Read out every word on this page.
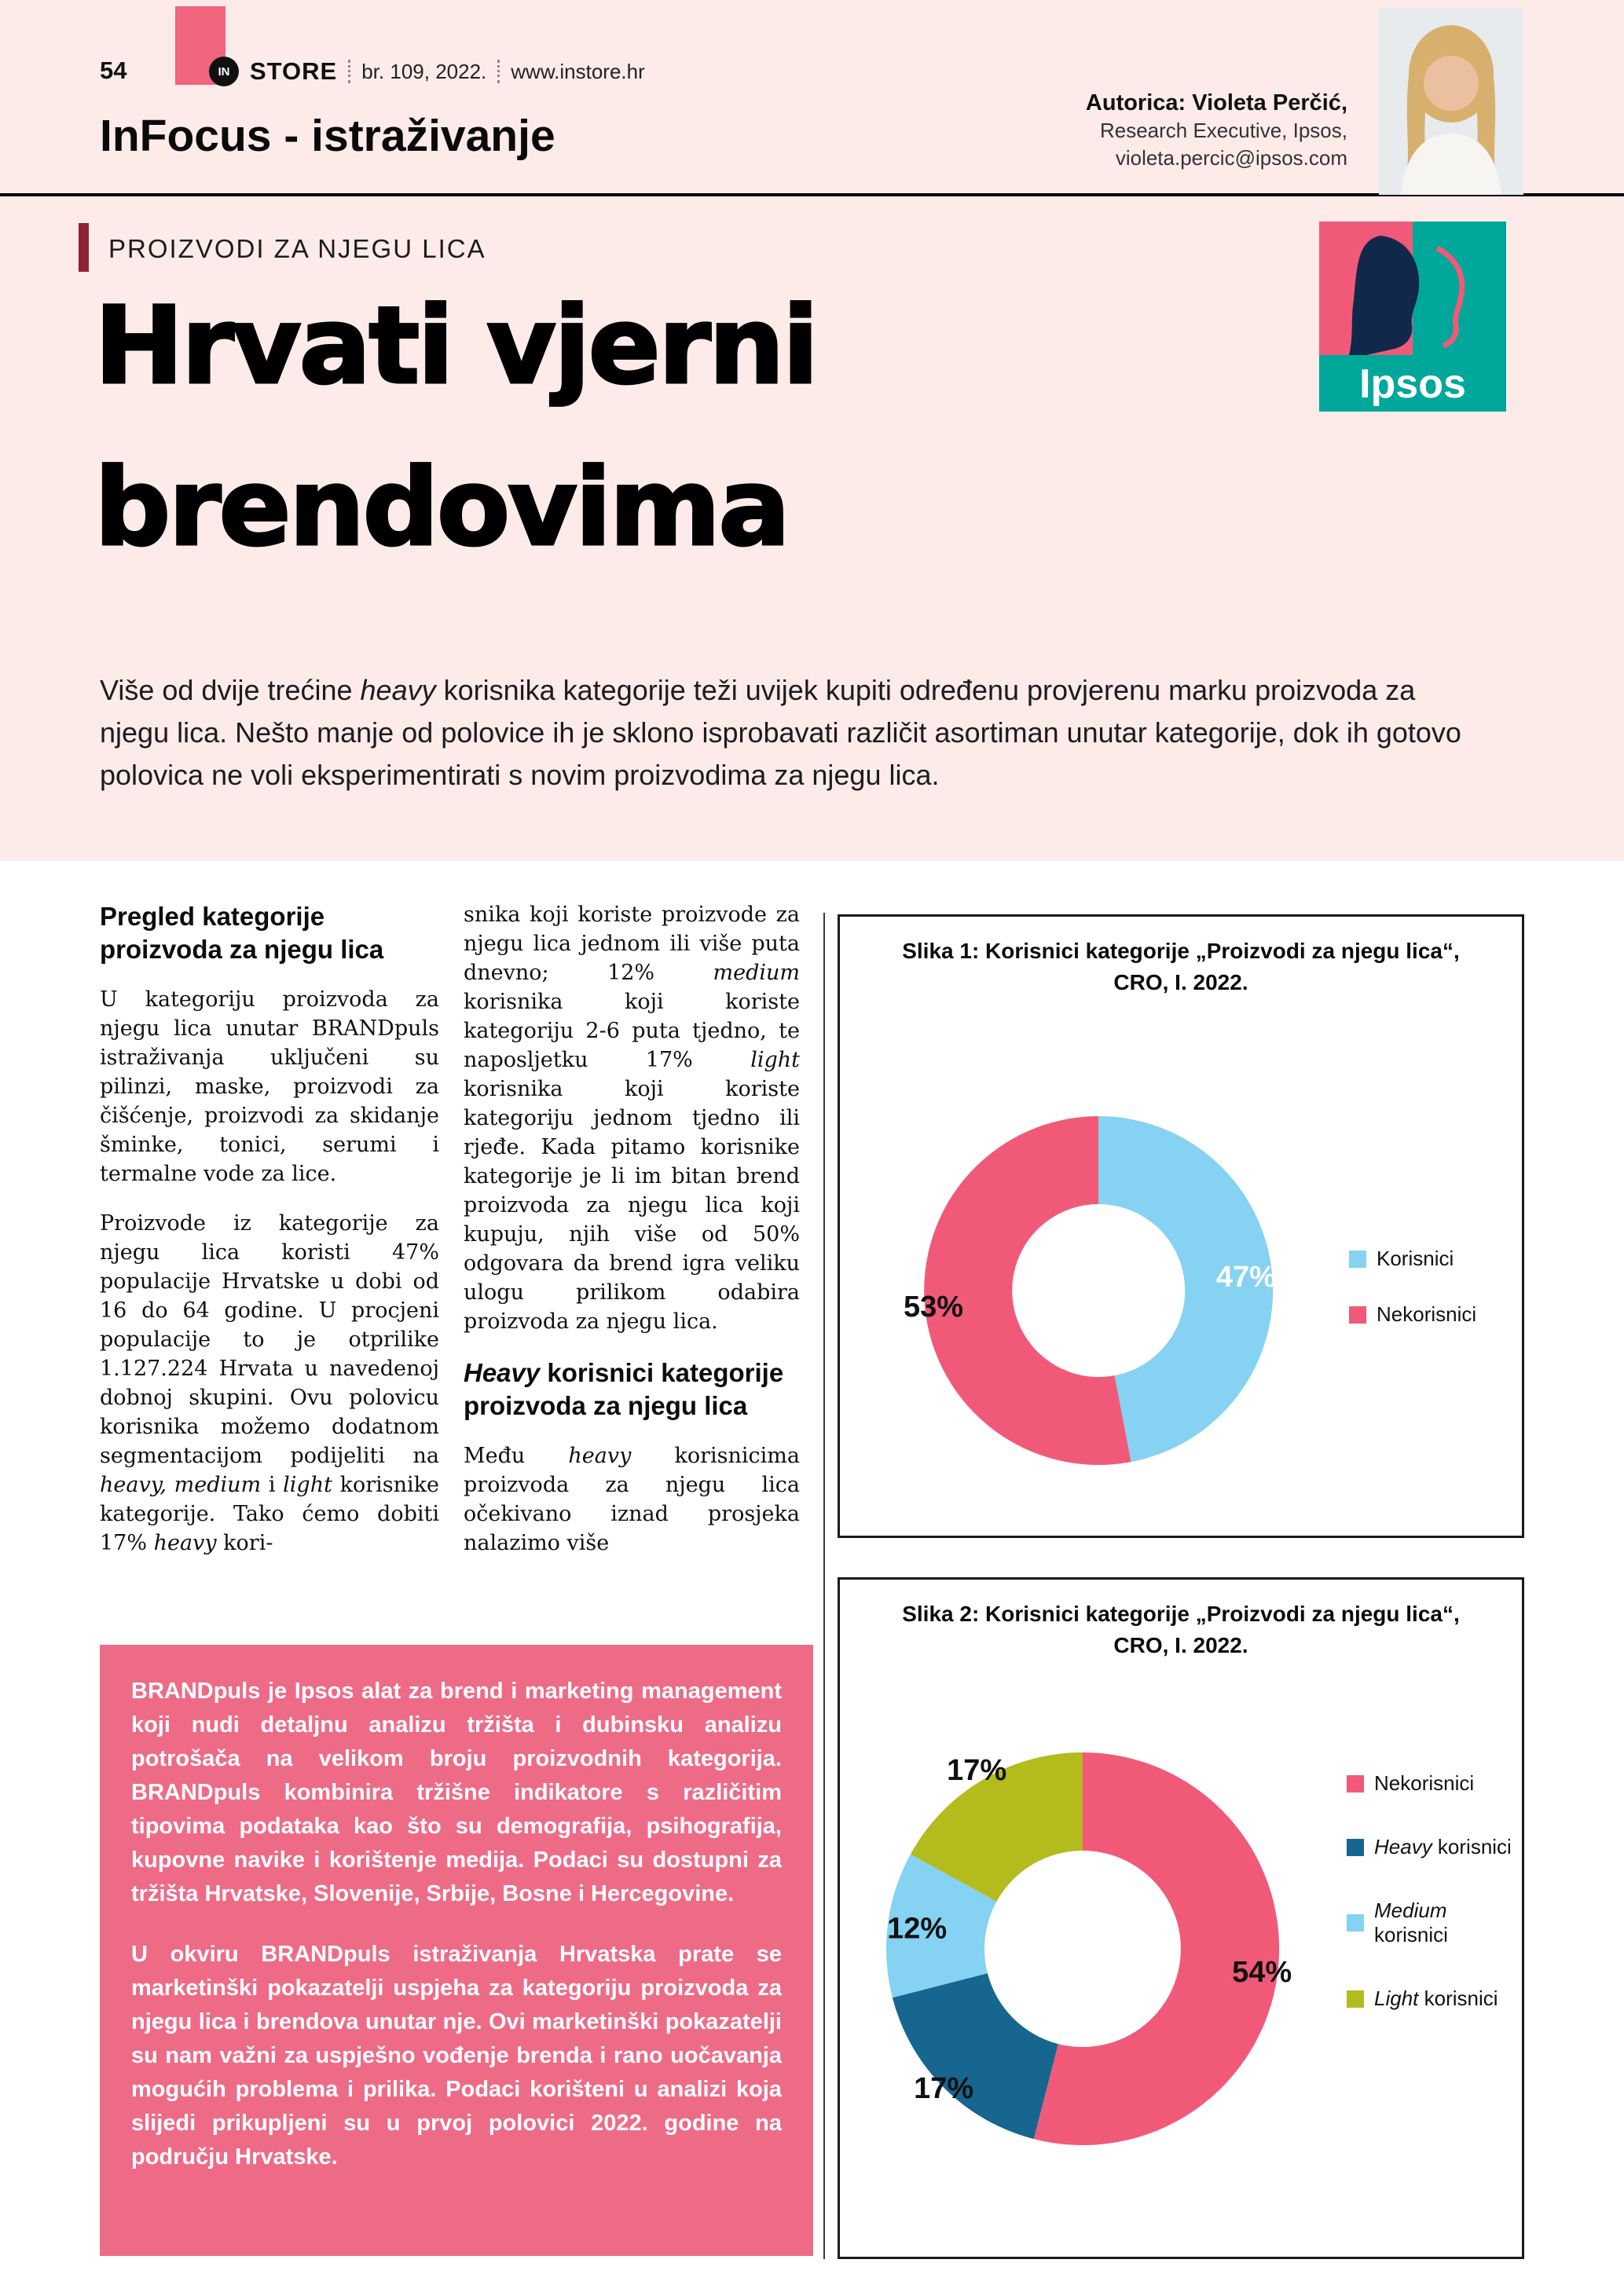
54	IN STORE br. 109, 2022. www.instore.hr
Autorica: Violeta Perčić,
Research Executive, Ipsos,
violeta.percic@ipsos.com
InFocus - istraživanje
PROIZVODI ZA NJEGU LICA
Ipsos
Hrvati vjerni
brendovima

Više od dvije trećine heavy korisnika kategorije teži uvijek kupiti određenu provjerenu marku proizvoda za njegu lica. Nešto manje od polovice ih je sklono isprobavati različit asortiman unutar kategorije, dok ih gotovo polovica ne voli eksperimentirati s novim proizvodima za njegu lica.

Pregled kategorije proizvoda za njegu lica

U kategoriju proizvoda za njegu lica unutar BRANDpuls istraživanja uključeni su pilinzi, maske, proizvodi za čišćenje, proizvodi za skidanje šminke, tonici, serumi i termalne vode za lice.

Proizvode iz kategorije za njegu lica koristi 47% populacije Hrvatske u dobi od 16 do 64 godine. U procjeni populacije to je otprilike 1.127.224 Hrvata u navedenoj dobnoj skupini. Ovu polovicu korisnika možemo dodatnom segmentacijom podijeliti na heavy, medium i light korisnike kategorije. Tako ćemo dobiti 17% heavy kori-

snika koji koriste proizvode za njegu lica jednom ili više puta dnevno; 12% medium korisnika koji koriste kategoriju 2-6 puta tjedno, te naposljetku 17% light korisnika koji koriste kategoriju jednom tjedno ili rjeđe. Kada pitamo korisnike kategorije je li im bitan brend proizvoda za njegu lica koji kupuju, njih više od 50% odgovara da brend igra veliku ulogu prilikom odabira proizvoda za njegu lica.

Heavy korisnici kategorije proizvoda za njegu lica

Među heavy korisnicima proizvoda za njegu lica očekivano iznad prosjeka nalazimo više

BRANDpuls je Ipsos alat za brend i marketing management koji nudi detaljnu analizu tržišta i dubinsku analizu potrošača na velikom broju proizvodnih kategorija. BRANDpuls kombinira tržišne indikatore s različitim tipovima podataka kao što su demografija, psihografija, kupovne navike i korištenje medija. Podaci su dostupni za tržišta Hrvatske, Slovenije, Srbije, Bosne i Hercegovine.

U okviru BRANDpuls istraživanja Hrvatska prate se marketinški pokazatelji uspjeha za kategoriju proizvoda za njegu lica i brendova unutar nje. Ovi marketinški pokazatelji su nam važni za uspješno vođenje brenda i rano uočavanja mogućih problema i prilika. Podaci korišteni u analizi koja slijedi prikupljeni su u prvoj polovici 2022. godine na području Hrvatske.

Slika 1: Korisnici kategorije „Proizvodi za njegu lica“,
CRO, I. 2022.
47%
53%
Korisnici
Nekorisnici
Slika 2: Korisnici kategorije „Proizvodi za njegu lica“,
CRO, I. 2022.
54%
17%
12%
17%	Nekorisnici
Heavy korisnici
Medium korisnici
Light korisnici
